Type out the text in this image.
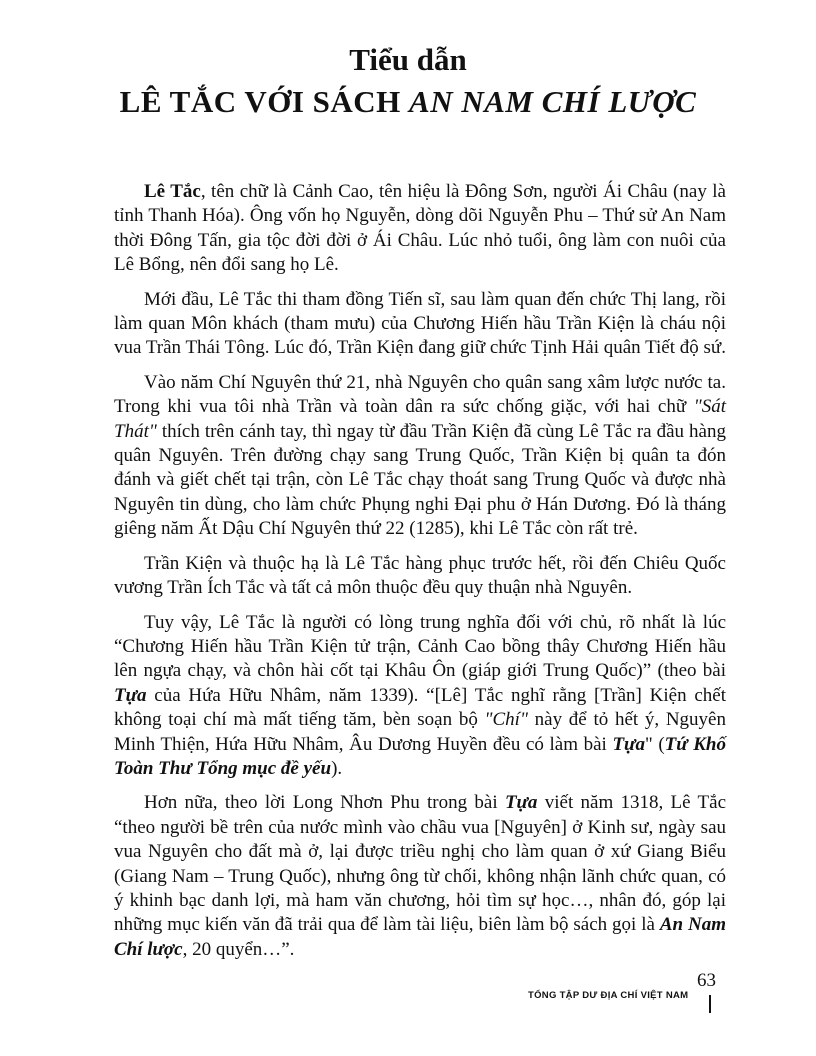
Tiểu dẫn
LÊ TẮC VỚI SÁCH AN NAM CHÍ LƯỢC

Lê Tắc, tên chữ là Cảnh Cao, tên hiệu là Đông Sơn, người Ái Châu (nay là tỉnh Thanh Hóa). Ông vốn họ Nguyễn, dòng dõi Nguyễn Phu – Thứ sử An Nam thời Đông Tấn, gia tộc đời đời ở Ái Châu. Lúc nhỏ tuổi, ông làm con nuôi của Lê Bổng, nên đổi sang họ Lê.

Mới đầu, Lê Tắc thi tham đồng Tiến sĩ, sau làm quan đến chức Thị lang, rồi làm quan Môn khách (tham mưu) của Chương Hiến hầu Trần Kiện là cháu nội vua Trần Thái Tông. Lúc đó, Trần Kiện đang giữ chức Tịnh Hải quân Tiết độ sứ.

Vào năm Chí Nguyên thứ 21, nhà Nguyên cho quân sang xâm lược nước ta. Trong khi vua tôi nhà Trần và toàn dân ra sức chống giặc, với hai chữ "Sát Thát" thích trên cánh tay, thì ngay từ đầu Trần Kiện đã cùng Lê Tắc ra đầu hàng quân Nguyên. Trên đường chạy sang Trung Quốc, Trần Kiện bị quân ta đón đánh và giết chết tại trận, còn Lê Tắc chạy thoát sang Trung Quốc và được nhà Nguyên tin dùng, cho làm chức Phụng nghi Đại phu ở Hán Dương. Đó là tháng giêng năm Ất Dậu Chí Nguyên thứ 22 (1285), khi Lê Tắc còn rất trẻ.

Trần Kiện và thuộc hạ là Lê Tắc hàng phục trước hết, rồi đến Chiêu Quốc vương Trần Ích Tắc và tất cả môn thuộc đều quy thuận nhà Nguyên.

Tuy vậy, Lê Tắc là người có lòng trung nghĩa đối với chủ, rõ nhất là lúc “Chương Hiến hầu Trần Kiện tử trận, Cảnh Cao bồng thây Chương Hiến hầu lên ngựa chạy, và chôn hài cốt tại Khâu Ôn (giáp giới Trung Quốc)” (theo bài Tựa của Hứa Hữu Nhâm, năm 1339). “[Lê] Tắc nghĩ rằng [Trần] Kiện chết không toại chí mà mất tiếng tăm, bèn soạn bộ "Chí" này để tỏ hết ý, Nguyên Minh Thiện, Hứa Hữu Nhâm, Âu Dương Huyền đều có làm bài Tựa" (Tứ Khố Toàn Thư Tổng mục đề yếu).

Hơn nữa, theo lời Long Nhơn Phu trong bài Tựa viết năm 1318, Lê Tắc “theo người bề trên của nước mình vào chầu vua [Nguyên] ở Kinh sư, ngày sau vua Nguyên cho đất mà ở, lại được triều nghị cho làm quan ở xứ Giang Biểu (Giang Nam – Trung Quốc), nhưng ông từ chối, không nhận lãnh chức quan, có ý khinh bạc danh lợi, mà ham văn chương, hỏi tìm sự học…, nhân đó, góp lại những mục kiến văn đã trải qua để làm tài liệu, biên làm bộ sách gọi là An Nam Chí lược, 20 quyển…”.

63
TỔNG TẬP DƯ ĐỊA CHÍ VIỆT NAM
